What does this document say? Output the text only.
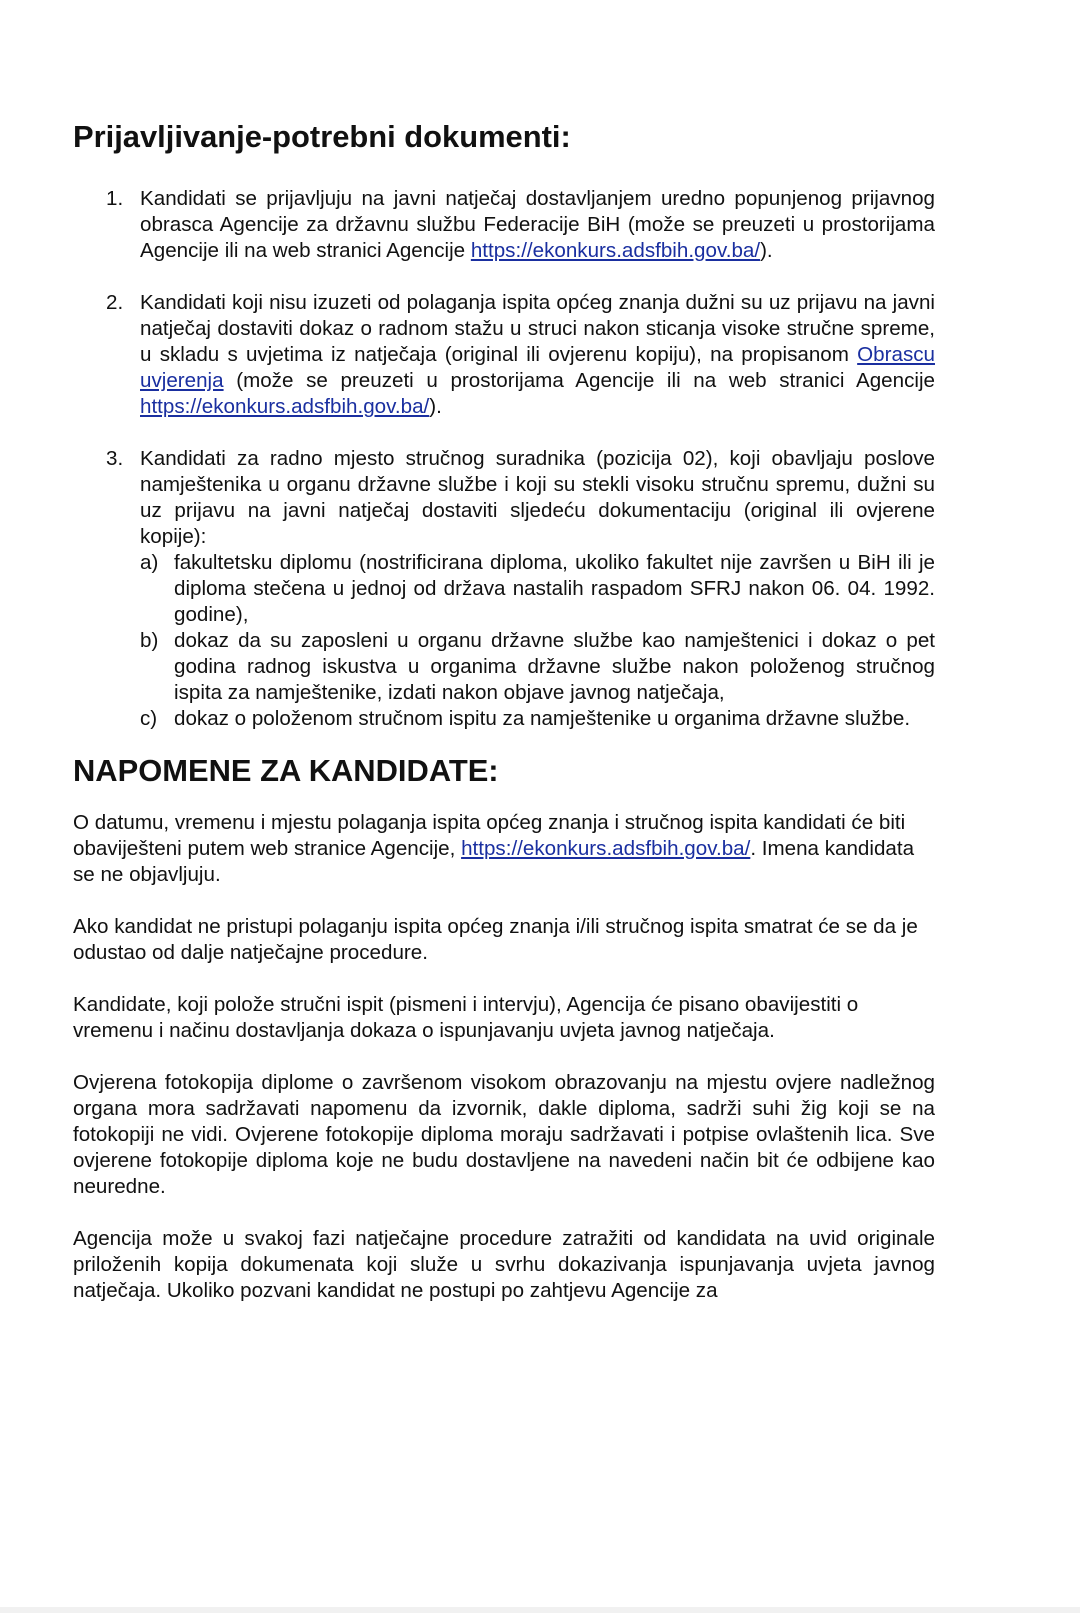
Prijavljivanje-potrebni dokumenti:
1. Kandidati se prijavljuju na javni natječaj dostavljanjem uredno popunjenog prijavnog obrasca Agencije za državnu službu Federacije BiH (može se preuzeti u prostorijama Agencije ili na web stranici Agencije https://ekonkurs.adsfbih.gov.ba/).
2. Kandidati koji nisu izuzeti od polaganja ispita općeg znanja dužni su uz prijavu na javni natječaj dostaviti dokaz o radnom stažu u struci nakon sticanja visoke stručne spreme, u skladu s uvjetima iz natječaja (original ili ovjerenu kopiju), na propisanom Obrascu uvjerenja (može se preuzeti u prostorijama Agencije ili na web stranici Agencije https://ekonkurs.adsfbih.gov.ba/).
3. Kandidati za radno mjesto stručnog suradnika (pozicija 02), koji obavljaju poslove namještenika u organu državne službe i koji su stekli visoku stručnu spremu, dužni su uz prijavu na javni natječaj dostaviti sljedeću dokumentaciju (original ili ovjerene kopije):
a) fakultetsku diplomu (nostrificirana diploma, ukoliko fakultet nije završen u BiH ili je diploma stečena u jednoj od država nastalih raspadom SFRJ nakon 06. 04. 1992. godine),
b) dokaz da su zaposleni u organu državne službe kao namještenici i dokaz o pet godina radnog iskustva u organima državne službe nakon položenog stručnog ispita za namještenike, izdati nakon objave javnog natječaja,
c) dokaz o položenom stručnom ispitu za namještenike u organima državne službe.
NAPOMENE ZA KANDIDATE:

O datumu, vremenu i mjestu polaganja ispita općeg znanja i stručnog ispita kandidati će biti obaviješteni putem web stranice Agencije, https://ekonkurs.adsfbih.gov.ba/. Imena kandidata se ne objavljuju.

Ako kandidat ne pristupi polaganju ispita općeg znanja i/ili stručnog ispita smatrat će se da je odustao od dalje natječajne procedure.

Kandidate, koji polože stručni ispit (pismeni i intervju), Agencija će pisano obavijestiti o vremenu i načinu dostavljanja dokaza o ispunjavanju uvjeta javnog natječaja.

Ovjerena fotokopija diplome o završenom visokom obrazovanju na mjestu ovjere nadležnog organa mora sadržavati napomenu da izvornik, dakle diploma, sadrži suhi žig koji se na fotokopiji ne vidi. Ovjerene fotokopije diploma moraju sadržavati i potpise ovlaštenih lica. Sve ovjerene fotokopije diploma koje ne budu dostavljene na navedeni način bit će odbijene kao neuredne.

Agencija može u svakoj fazi natječajne procedure zatražiti od kandidata na uvid originale priloženih kopija dokumenata koji služe u svrhu dokazivanja ispunjavanja uvjeta javnog natječaja. Ukoliko pozvani kandidat ne postupi po zahtjevu Agencije za
